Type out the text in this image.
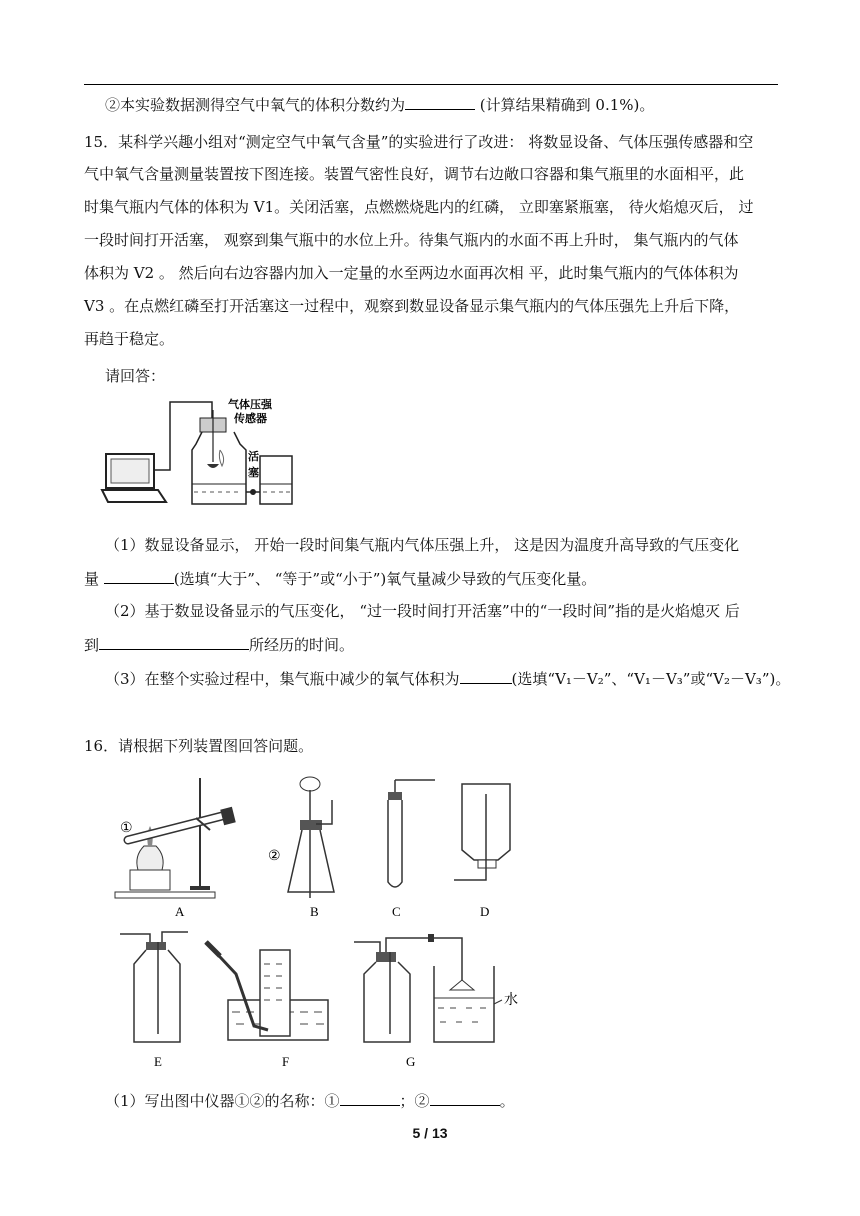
②本实验数据测得空气中氧气的体积分数约为	(计算结果精确到 0.1%)。
15．某科学兴趣小组对“测定空气中氧气含量”的实验进行了改进： 将数显设备、气体压强传感器和空
气中氧气含量测量装置按下图连接。装置气密性良好，调节右边敞口容器和集气瓶里的水面相平，此
时集气瓶内气体的体积为 V1。关闭活塞，点燃燃烧匙内的红磷， 立即塞紧瓶塞， 待火焰熄灭后， 过
一段时间打开活塞， 观察到集气瓶中的水位上升。待集气瓶内的水面不再上升时， 集气瓶内的气体
体积为 V2 。 然后向右边容器内加入一定量的水至两边水面再次相 平，此时集气瓶内的气体体积为
V3 。在点燃红磷至打开活塞这一过程中，观察到数显设备显示集气瓶内的气体压强先上升后下降，
再趋于稳定。
请回答：
气体压强
传感器
活
塞
（1）数显设备显示， 开始一段时间集气瓶内气体压强上升， 这是因为温度升高导致的气压变化
量	(选填“大于”、 “等于”或“小于”)氧气量减少导致的气压变化量。
（2）基于数显设备显示的气压变化， “过一段时间打开活塞”中的“一段时间”指的是火焰熄灭 后
到	所经历的时间。
（3）在整个实验过程中，集气瓶中减少的氧气体积为	(选填“V₁－V₂”、“V₁－V₃”或“V₂－V₃”)。
16．请根据下列装置图回答问题。
①
A
②
B	C	D
E	F
水
G
（1）写出图中仪器①②的名称：①	；②	。
5 / 13
